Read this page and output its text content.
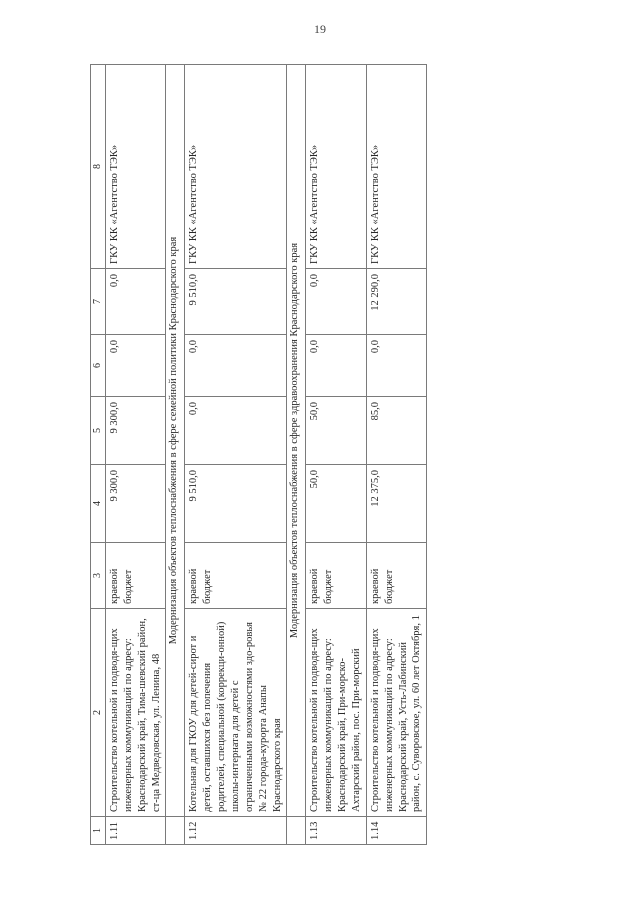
19
1	2	3	4	5	6	7	8
1.11	Строительство котельной и подводя-щих инженерных коммуникаций по адресу: Краснодарский край, Тима-шевский район, ст-ца Медведовская, ул. Ленина, 48	краевой бюджет	9 300,0	9 300,0	0,0	0,0	ГКУ КК «Агентство ТЭК»
	Модернизация объектов теплоснабжения в сфере семейной политики Краснодарского края						
1.12	Котельная для ГКОУ для детей-сирот и детей, оставшихся без попечения родителей, специальной (коррекци-онной) школы-интерната для детей с ограниченными возможностями здо-ровья № 22 города-курорта Анапы Краснодарского края	краевой бюджет	9 510,0	0,0	0,0	9 510,0	ГКУ КК «Агентство ТЭК»
	Модернизация объектов теплоснабжения в сфере здравоохранения Краснодарского края						
1.13	Строительство котельной и подводя-щих инженерных коммуникаций по адресу: Краснодарский край, При-морско-Ахтарский район, пос. При-морский	краевой бюджет	50,0	50,0	0,0	0,0	ГКУ КК «Агентство ТЭК»
1.14	Строительство котельной и подводя-щих инженерных коммуникаций по адресу: Краснодарский край, Усть-Лабинский район, с. Суворовское, ул. 60 лет Октября, 1	краевой бюджет	12 375,0	85,0	0,0	12 290,0	ГКУ КК «Агентство ТЭК»
